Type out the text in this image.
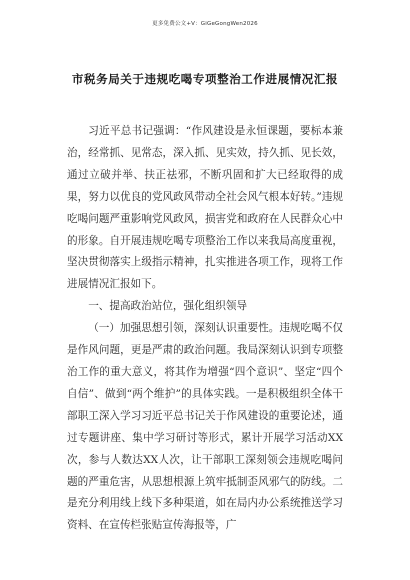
更多免费公文+V：GiGeGongWen2026
市税务局关于违规吃喝专项整治工作进展情况汇报

习近平总书记强调：“作风建设是永恒课题，要标本兼治，经常抓、见常态，深入抓、见实效，持久抓、见长效，通过立破并举、扶正祛邪，不断巩固和扩大已经取得的成果，努力以优良的党风政风带动全社会风气根本好转。”违规吃喝问题严重影响党风政风，损害党和政府在人民群众心中的形象。自开展违规吃喝专项整治工作以来我局高度重视，坚决贯彻落实上级指示精神，扎实推进各项工作，现将工作进展情况汇报如下。

一、提高政治站位，强化组织领导

（一）加强思想引领，深刻认识重要性。违规吃喝不仅是作风问题，更是严肃的政治问题。我局深刻认识到专项整治工作的重大意义，将其作为增强“四个意识”、坚定“四个自信”、做到“两个维护”的具体实践。一是积极组织全体干部职工深入学习习近平总书记关于作风建设的重要论述，通过专题讲座、集中学习研讨等形式，累计开展学习活动XX次，参与人数达XX人次，让干部职工深刻领会违规吃喝问题的严重危害，从思想根源上筑牢抵制歪风邪气的防线。二是充分利用线上线下多种渠道，如在局内办公系统推送学习资料、在宣传栏张贴宣传海报等，广
